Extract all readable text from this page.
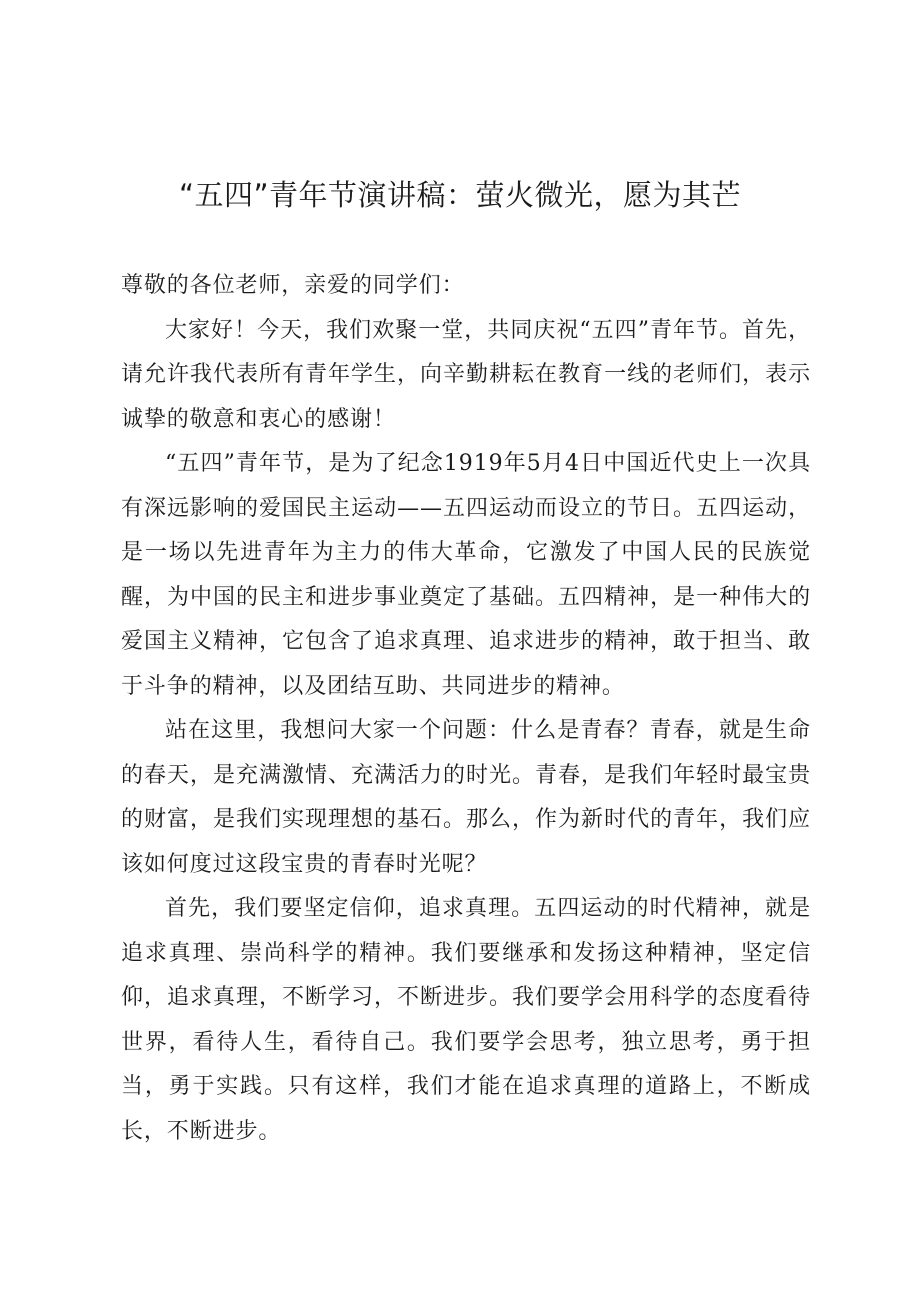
“五四”青年节演讲稿：萤火微光，愿为其芒

尊敬的各位老师，亲爱的同学们：

大家好！今天，我们欢聚一堂，共同庆祝“五四”青年节。首先，请允许我代表所有青年学生，向辛勤耕耘在教育一线的老师们，表示诚挚的敬意和衷心的感谢！

“五四”青年节，是为了纪念1919年5月4日中国近代史上一次具有深远影响的爱国民主运动——五四运动而设立的节日。五四运动，是一场以先进青年为主力的伟大革命，它激发了中国人民的民族觉醒，为中国的民主和进步事业奠定了基础。五四精神，是一种伟大的爱国主义精神，它包含了追求真理、追求进步的精神，敢于担当、敢于斗争的精神，以及团结互助、共同进步的精神。

站在这里，我想问大家一个问题：什么是青春？青春，就是生命的春天，是充满激情、充满活力的时光。青春，是我们年轻时最宝贵的财富，是我们实现理想的基石。那么，作为新时代的青年，我们应该如何度过这段宝贵的青春时光呢？

首先，我们要坚定信仰，追求真理。五四运动的时代精神，就是追求真理、崇尚科学的精神。我们要继承和发扬这种精神，坚定信仰，追求真理，不断学习，不断进步。我们要学会用科学的态度看待世界，看待人生，看待自己。我们要学会思考，独立思考，勇于担当，勇于实践。只有这样，我们才能在追求真理的道路上，不断成长，不断进步。
